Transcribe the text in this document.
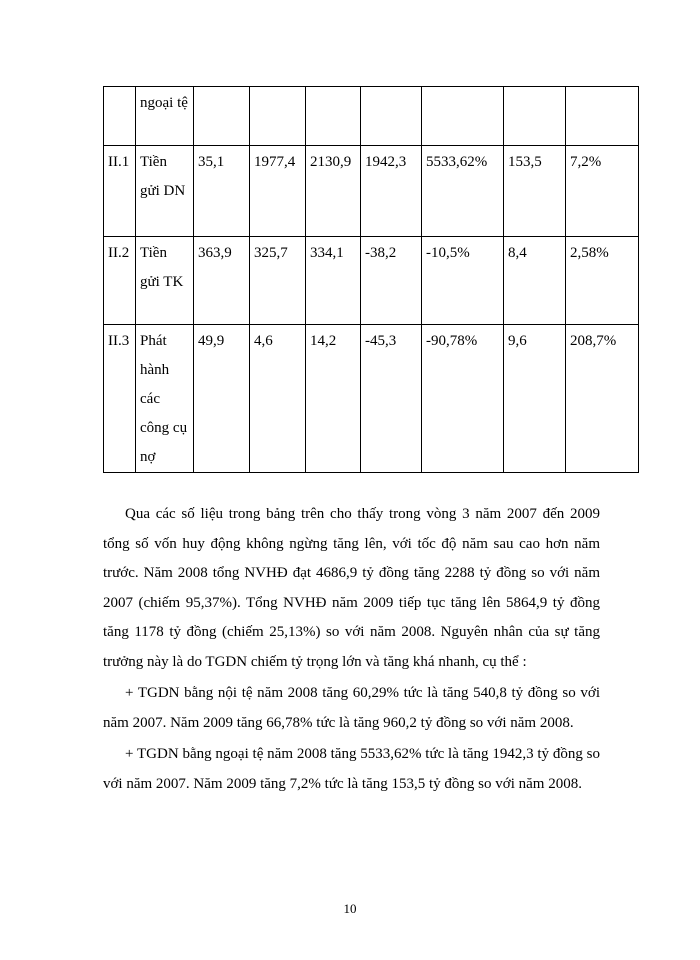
	ngoại tệ							
II.1	Tiền gửi DN	35,1	1977,4	2130,9	1942,3	5533,62%	153,5	7,2%
II.2	Tiền gửi TK	363,9	325,7	334,1	-38,2	-10,5%	8,4	2,58%
II.3	Phát hành các công cụ nợ	49,9	4,6	14,2	-45,3	-90,78%	9,6	208,7%

Qua các số liệu trong bảng trên cho thấy trong vòng 3 năm 2007 đến 2009 tổng số vốn huy động không ngừng tăng lên, với tốc độ năm sau cao hơn năm trước. Năm 2008 tổng NVHĐ đạt 4686,9 tỷ đồng tăng 2288 tỷ đồng so với năm 2007 (chiếm 95,37%). Tổng NVHĐ năm 2009 tiếp tục tăng lên 5864,9 tỷ đồng tăng 1178 tỷ đồng (chiếm 25,13%) so với năm 2008. Nguyên nhân của sự tăng trưởng này là do TGDN chiếm tỷ trọng lớn và tăng khá nhanh, cụ thể :

+ TGDN bằng nội tệ năm 2008 tăng 60,29% tức là tăng 540,8 tỷ đồng so với năm 2007. Năm 2009 tăng 66,78% tức là tăng 960,2 tỷ đồng so với năm 2008.

+ TGDN bằng ngoại tệ năm 2008 tăng 5533,62% tức là tăng 1942,3 tỷ đồng so với năm 2007. Năm 2009 tăng 7,2% tức là tăng 153,5 tỷ đồng so với năm 2008.

10
